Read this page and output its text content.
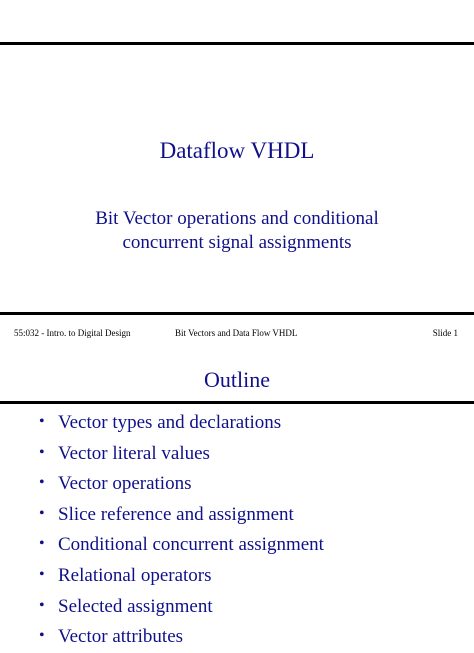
Dataflow VHDL
Bit Vector operations and conditional
concurrent signal assignments
55:032 - Intro. to Digital Design	Bit Vectors and Data Flow VHDL	Slide 1
Outline
• Vector types and declarations
• Vector literal values
• Vector operations
• Slice reference and assignment
• Conditional concurrent assignment
• Relational operators
• Selected assignment
• Vector attributes
